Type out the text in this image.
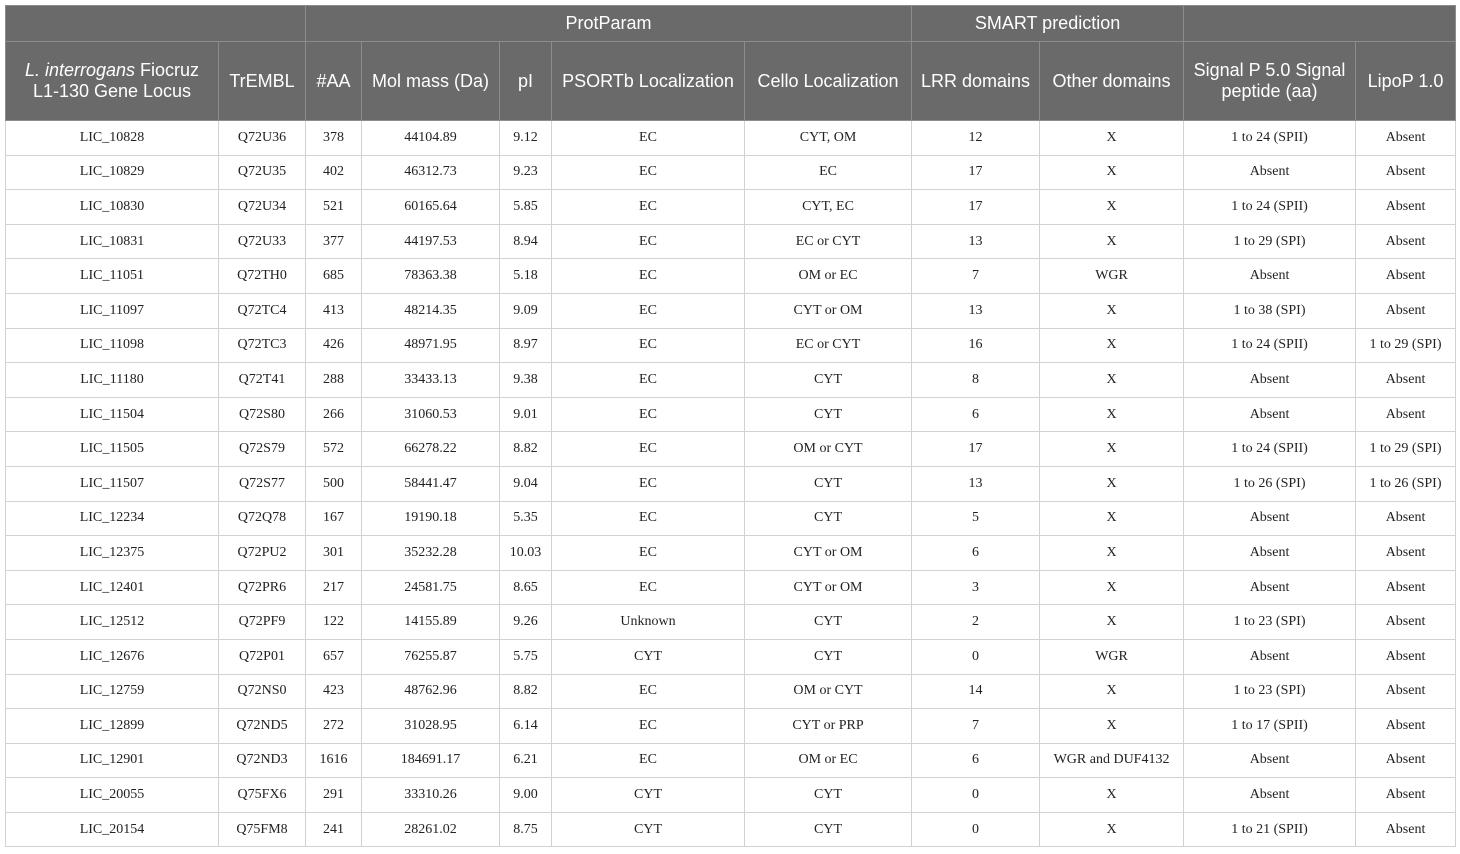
		ProtParam					SMART prediction			
L. interrogans Fiocruz L1-130 Gene Locus	TrEMBL	#AA	Mol mass (Da)	pI	PSORTb Localization	Cello Localization	LRR domains	Other domains	Signal P 5.0 Signal peptide (aa)	LipoP 1.0
LIC_10828	Q72U36	378	44104.89	9.12	EC	CYT, OM	12	X	1 to 24 (SPII)	Absent
LIC_10829	Q72U35	402	46312.73	9.23	EC	EC	17	X	Absent	Absent
LIC_10830	Q72U34	521	60165.64	5.85	EC	CYT, EC	17	X	1 to 24 (SPII)	Absent
LIC_10831	Q72U33	377	44197.53	8.94	EC	EC or CYT	13	X	1 to 29 (SPI)	Absent
LIC_11051	Q72TH0	685	78363.38	5.18	EC	OM or EC	7	WGR	Absent	Absent
LIC_11097	Q72TC4	413	48214.35	9.09	EC	CYT or OM	13	X	1 to 38 (SPI)	Absent
LIC_11098	Q72TC3	426	48971.95	8.97	EC	EC or CYT	16	X	1 to 24 (SPII)	1 to 29 (SPI)
LIC_11180	Q72T41	288	33433.13	9.38	EC	CYT	8	X	Absent	Absent
LIC_11504	Q72S80	266	31060.53	9.01	EC	CYT	6	X	Absent	Absent
LIC_11505	Q72S79	572	66278.22	8.82	EC	OM or CYT	17	X	1 to 24 (SPII)	1 to 29 (SPI)
LIC_11507	Q72S77	500	58441.47	9.04	EC	CYT	13	X	1 to 26 (SPI)	1 to 26 (SPI)
LIC_12234	Q72Q78	167	19190.18	5.35	EC	CYT	5	X	Absent	Absent
LIC_12375	Q72PU2	301	35232.28	10.03	EC	CYT or OM	6	X	Absent	Absent
LIC_12401	Q72PR6	217	24581.75	8.65	EC	CYT or OM	3	X	Absent	Absent
LIC_12512	Q72PF9	122	14155.89	9.26	Unknown	CYT	2	X	1 to 23 (SPI)	Absent
LIC_12676	Q72P01	657	76255.87	5.75	CYT	CYT	0	WGR	Absent	Absent
LIC_12759	Q72NS0	423	48762.96	8.82	EC	OM or CYT	14	X	1 to 23 (SPI)	Absent
LIC_12899	Q72ND5	272	31028.95	6.14	EC	CYT or PRP	7	X	1 to 17 (SPII)	Absent
LIC_12901	Q72ND3	1616	184691.17	6.21	EC	OM or EC	6	WGR and DUF4132	Absent	Absent
LIC_20055	Q75FX6	291	33310.26	9.00	CYT	CYT	0	X	Absent	Absent
LIC_20154	Q75FM8	241	28261.02	8.75	CYT	CYT	0	X	1 to 21 (SPII)	Absent
